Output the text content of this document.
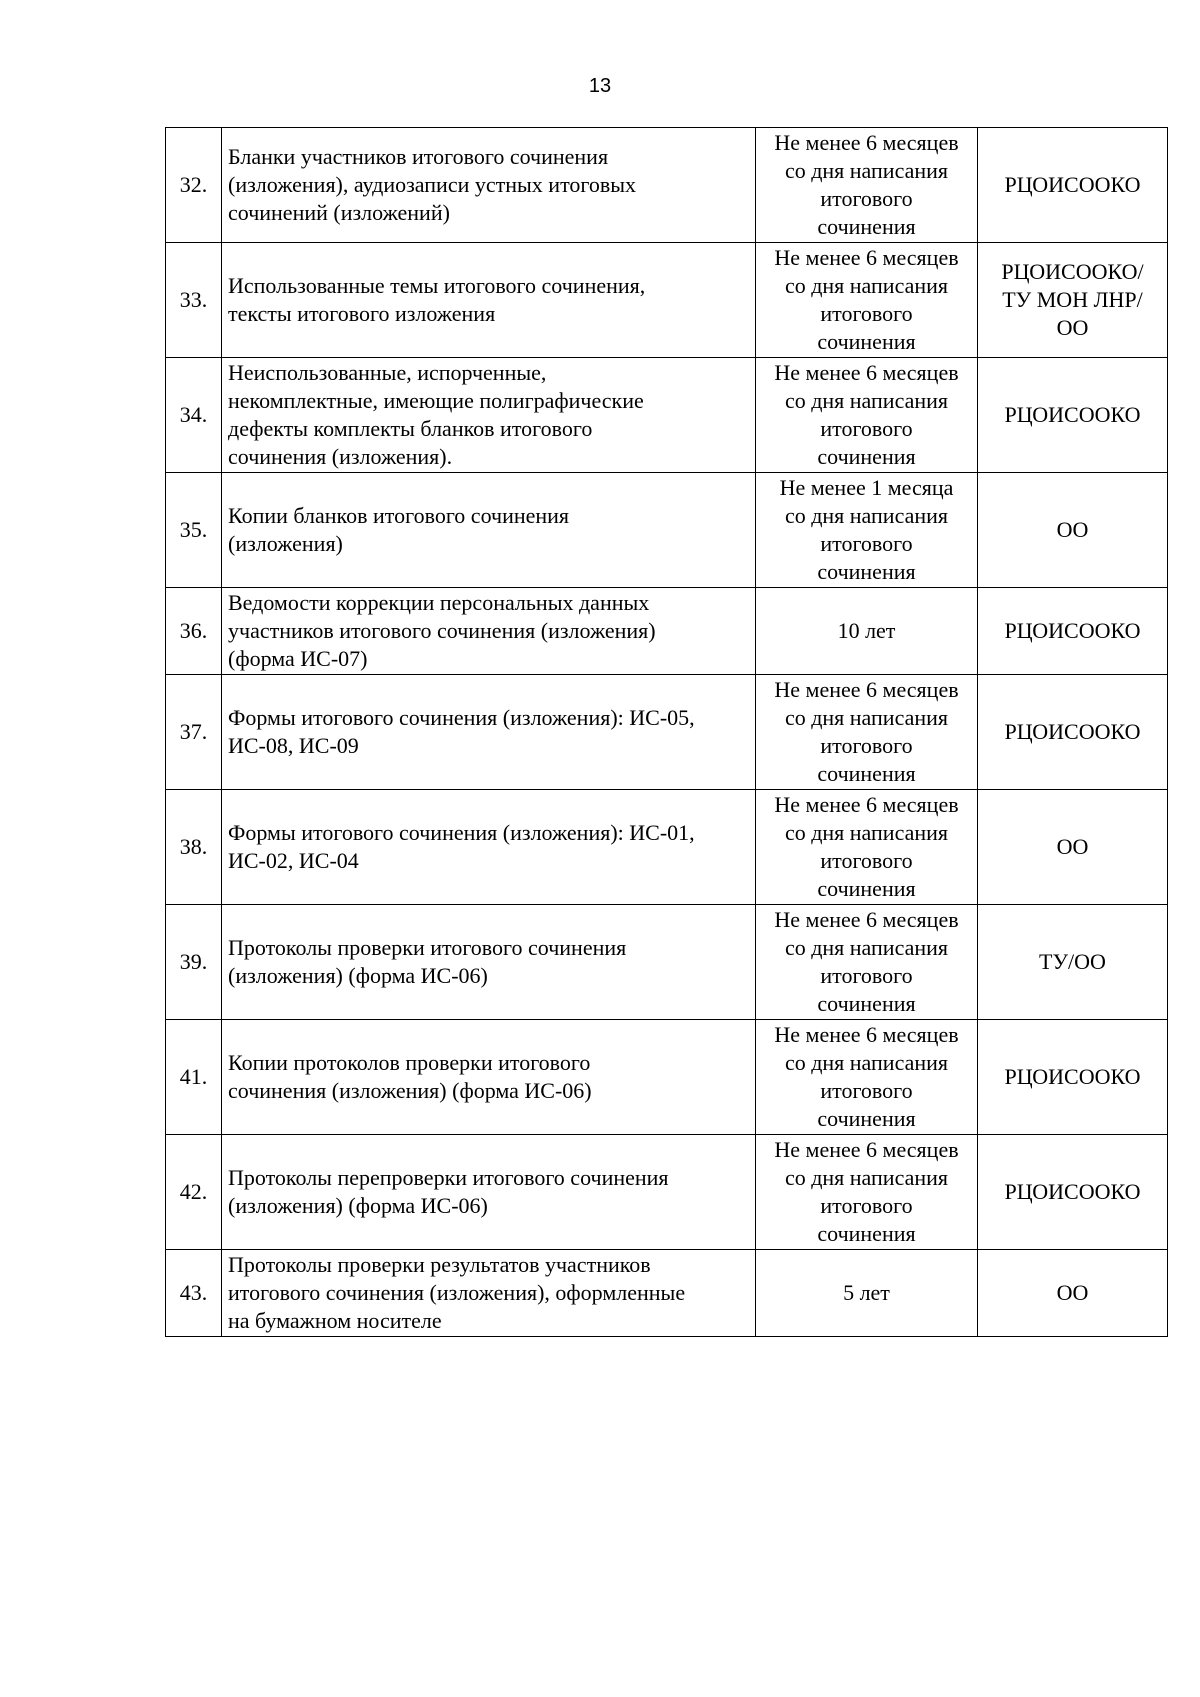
13
32.	Бланки участников итогового сочинения
(изложения), аудиозаписи устных итоговых
сочинений (изложений)	Не менее 6 месяцев
со дня написания
итогового
сочинения	РЦОИСООКО
33.	Использованные темы итогового сочинения,
тексты итогового изложения	Не менее 6 месяцев
со дня написания
итогового
сочинения	РЦОИСООКО/
ТУ МОН ЛНР/
ОО
34.	Неиспользованные, испорченные,
некомплектные, имеющие полиграфические
дефекты комплекты бланков итогового
сочинения (изложения).	Не менее 6 месяцев
со дня написания
итогового
сочинения	РЦОИСООКО
35.	Копии бланков итогового сочинения
(изложения)	Не менее 1 месяца
со дня написания
итогового
сочинения	ОО
36.	Ведомости коррекции персональных данных
участников итогового сочинения (изложения)
(форма ИС-07)	10 лет	РЦОИСООКО
37.	Формы итогового сочинения (изложения): ИС-05,
ИС-08, ИС-09	Не менее 6 месяцев
со дня написания
итогового
сочинения	РЦОИСООКО
38.	Формы итогового сочинения (изложения): ИС-01,
ИС-02, ИС-04	Не менее 6 месяцев
со дня написания
итогового
сочинения	ОО
39.	Протоколы проверки итогового сочинения
(изложения) (форма ИС-06)	Не менее 6 месяцев
со дня написания
итогового
сочинения	ТУ/ОО
41.	Копии протоколов проверки итогового
сочинения (изложения) (форма ИС-06)	Не менее 6 месяцев
со дня написания
итогового
сочинения	РЦОИСООКО
42.	Протоколы перепроверки итогового сочинения
(изложения) (форма ИС-06)	Не менее 6 месяцев
со дня написания
итогового
сочинения	РЦОИСООКО
43.	Протоколы проверки результатов участников
итогового сочинения (изложения), оформленные
на бумажном носителе	5 лет	ОО
